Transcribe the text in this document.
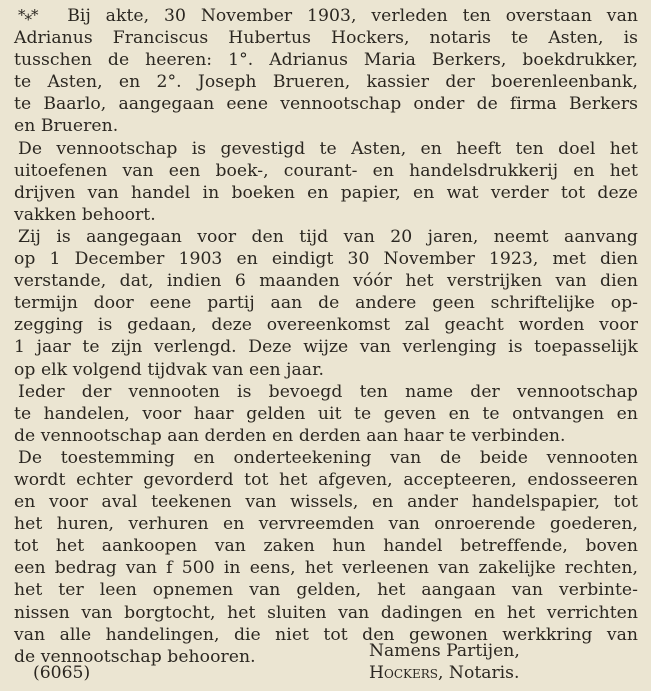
*⁎* Bij akte, 30 November 1903, verleden ten overstaan van
Adrianus Franciscus Hubertus Hockers, notaris te Asten, is
tusschen de heeren: 1°. Adrianus Maria Berkers, boekdrukker,
te Asten, en 2°. Joseph Brueren, kassier der boerenleenbank,
te Baarlo, aangegaan eene vennootschap onder de firma Berkers
en Brueren.

De vennootschap is gevestigd te Asten, en heeft ten doel het
uitoefenen van een boek-, courant- en handelsdrukkerij en het
drijven van handel in boeken en papier, en wat verder tot deze
vakken behoort.

Zij is aangegaan voor den tijd van 20 jaren, neemt aanvang
op 1 December 1903 en eindigt 30 November 1923, met dien
verstande, dat, indien 6 maanden vóór het verstrijken van dien
termijn door eene partij aan de andere geen schriftelijke op-
zegging is gedaan, deze overeenkomst zal geacht worden voor
1 jaar te zijn verlengd. Deze wijze van verlenging is toepasselijk
op elk volgend tijdvak van een jaar.

Ieder der vennooten is bevoegd ten name der vennootschap
te handelen, voor haar gelden uit te geven en te ontvangen en
de vennootschap aan derden en derden aan haar te verbinden.

De toestemming en onderteekening van de beide vennooten
wordt echter gevorderd tot het afgeven, accepteeren, endosseeren
en voor aval teekenen van wissels, en ander handelspapier, tot
het huren, verhuren en vervreemden van onroerende goederen,
tot het aankoopen van zaken hun handel betreffende, boven
een bedrag van f 500 in eens, het verleenen van zakelijke rechten,
het ter leen opnemen van gelden, het aangaan van verbinte-
nissen van borgtocht, het sluiten van dadingen en het verrichten
van alle handelingen, die niet tot den gewonen werkkring van
de vennootschap behooren.	Namens Partijen,
Hockers, Notaris.
(6065)
